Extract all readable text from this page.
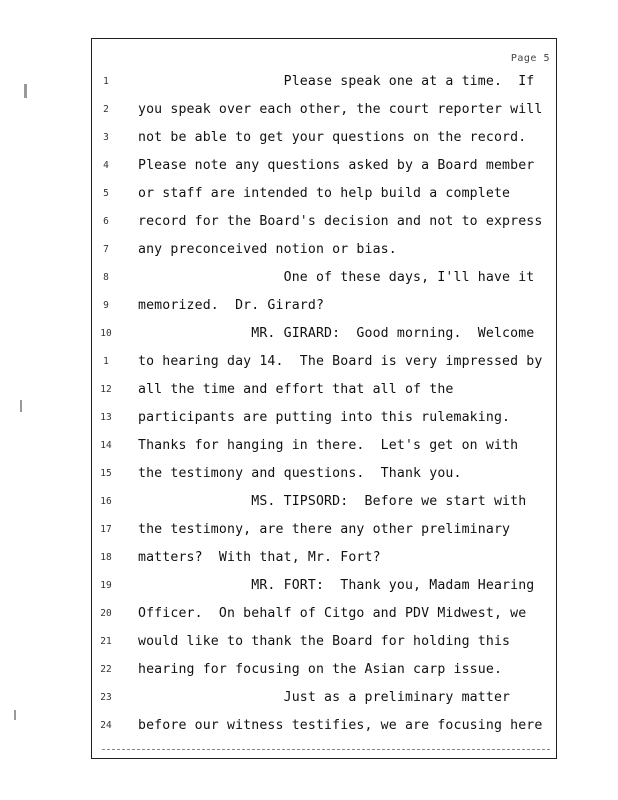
Page 5
1
2
3
4
5
6
7
8
9
10
1
12
13
14
15
16
17
18
19
20
21
22
23
24
Please speak one at a time.  If
you speak over each other, the court reporter will
not be able to get your questions on the record.
Please note any questions asked by a Board member
or staff are intended to help build a complete
record for the Board's decision and not to express
any preconceived notion or bias.
One of these days, I'll have it
memorized.  Dr. Girard?
MR. GIRARD:  Good morning.  Welcome
to hearing day 14.  The Board is very impressed by
all the time and effort that all of the
participants are putting into this rulemaking.
Thanks for hanging in there.  Let's get on with
the testimony and questions.  Thank you.
MS. TIPSORD:  Before we start with
the testimony, are there any other preliminary
matters?  With that, Mr. Fort?
MR. FORT:  Thank you, Madam Hearing
Officer.  On behalf of Citgo and PDV Midwest, we
would like to thank the Board for holding this
hearing for focusing on the Asian carp issue.
Just as a preliminary matter
before our witness testifies, we are focusing here
